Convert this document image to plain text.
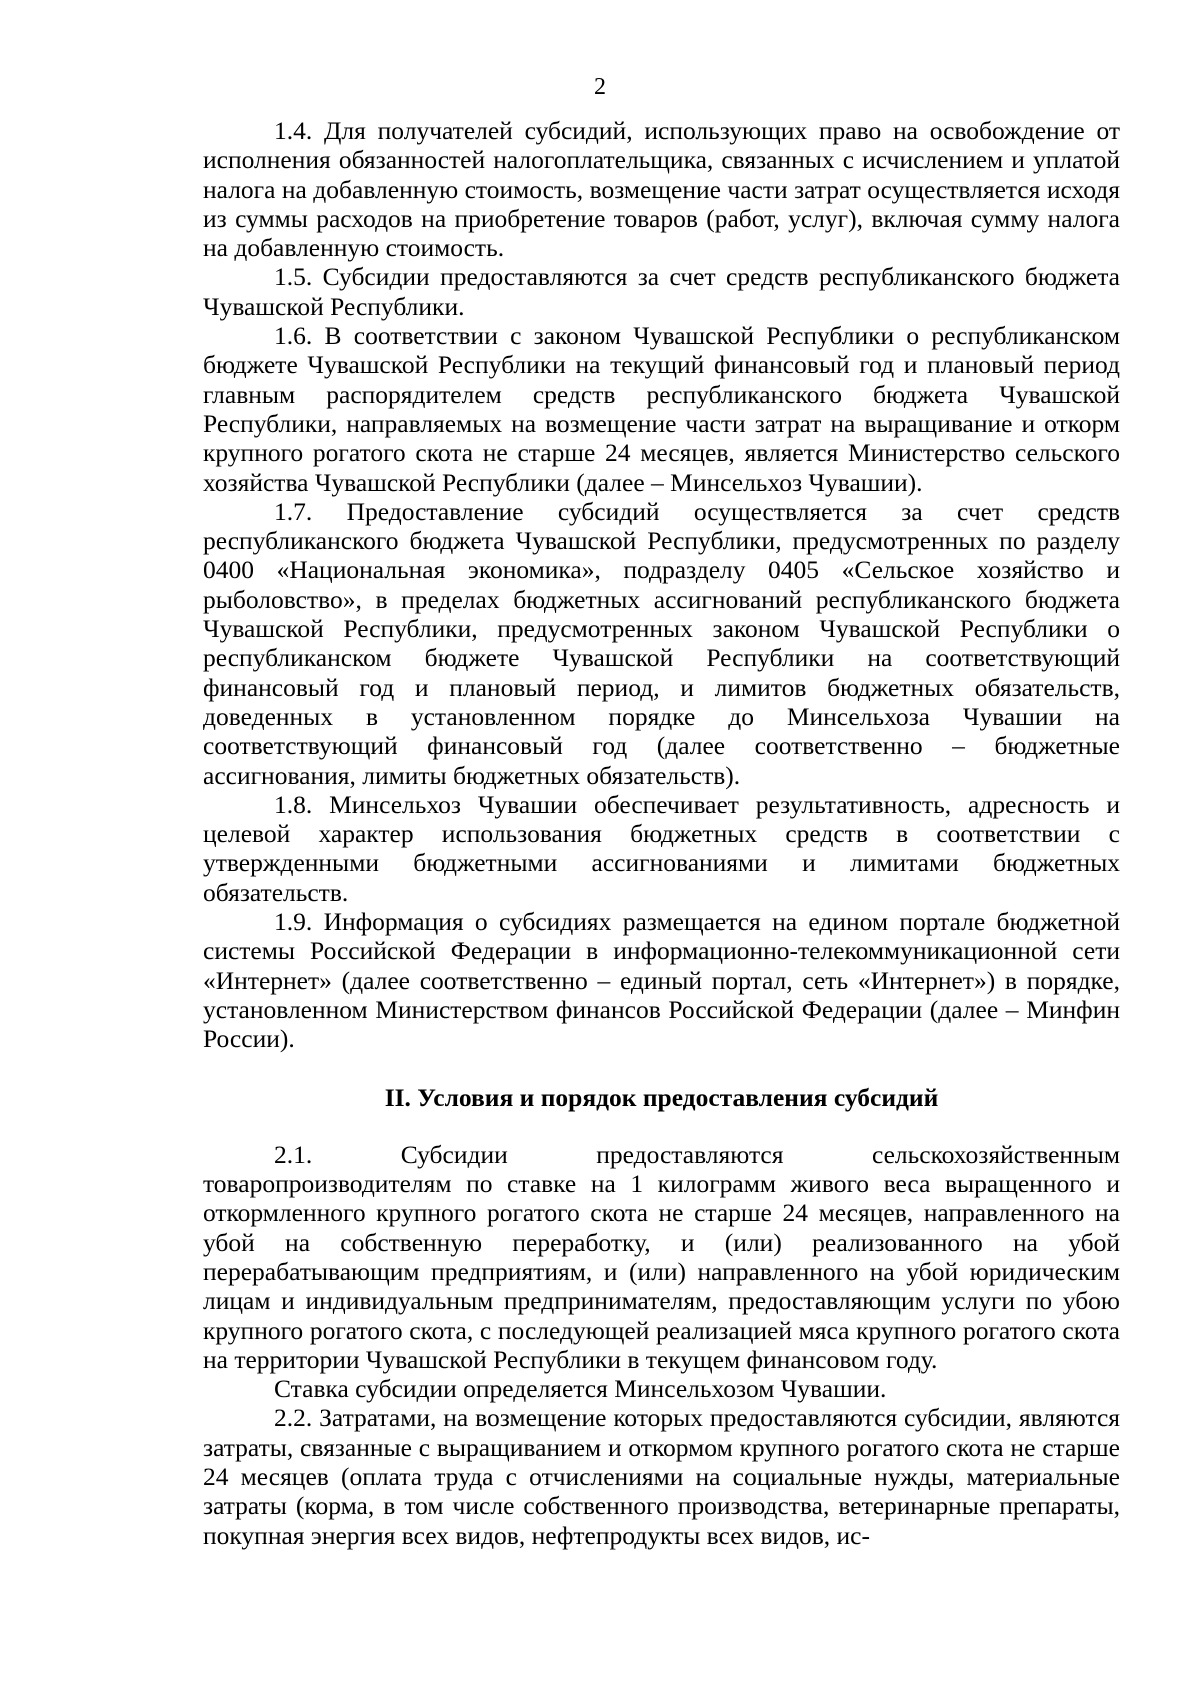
2

1.4. Для получателей субсидий, использующих право на освобождение от исполнения обязанностей налогоплательщика, связанных с исчислением и уплатой налога на добавленную стоимость, возмещение части затрат осуществляется исходя из суммы расходов на приобретение товаров (работ, услуг), включая сумму налога на добавленную стоимость.

1.5. Субсидии предоставляются за счет средств республиканского бюджета Чувашской Республики.

1.6. В соответствии с законом Чувашской Республики о республиканском бюджете Чувашской Республики на текущий финансовый год и плановый период главным распорядителем средств республиканского бюджета Чувашской Республики, направляемых на возмещение части затрат на выращивание и откорм крупного рогатого скота не старше 24 месяцев, является Министерство сельского хозяйства Чувашской Республики (далее – Минсельхоз Чувашии).

1.7. Предоставление субсидий осуществляется за счет средств республиканского бюджета Чувашской Республики, предусмотренных по разделу 0400 «Национальная экономика», подразделу 0405 «Сельское хозяйство и рыболовство», в пределах бюджетных ассигнований республиканского бюджета Чувашской Республики, предусмотренных законом Чувашской Республики о республиканском бюджете Чувашской Республики на соответствующий финансовый год и плановый период, и лимитов бюджетных обязательств, доведенных в установленном порядке до Минсельхоза Чувашии на соответствующий финансовый год (далее соответственно – бюджетные ассигнования, лимиты бюджетных обязательств).

1.8. Минсельхоз Чувашии обеспечивает результативность, адресность и целевой характер использования бюджетных средств в соответствии с утвержденными бюджетными ассигнованиями и лимитами бюджетных обязательств.

1.9. Информация о субсидиях размещается на едином портале бюджетной системы Российской Федерации в информационно-телекоммуникационной сети «Интернет» (далее соответственно – единый портал, сеть «Интернет») в порядке, установленном Министерством финансов Российской Федерации (далее – Минфин России).

II. Условия и порядок предоставления субсидий

2.1. Субсидии предоставляются сельскохозяйственным товаропроизводителям по ставке на 1 килограмм живого веса выращенного и откормленного крупного рогатого скота не старше 24 месяцев, направленного на убой на собственную переработку, и (или) реализованного на убой перерабатывающим предприятиям, и (или) направленного на убой юридическим лицам и индивидуальным предпринимателям, предоставляющим услуги по убою крупного рогатого скота, с последующей реализацией мяса крупного рогатого скота на территории Чувашской Республики в текущем финансовом году.

Ставка субсидии определяется Минсельхозом Чувашии.

2.2. Затратами, на возмещение которых предоставляются субсидии, являются затраты, связанные с выращиванием и откормом крупного рогатого скота не старше 24 месяцев (оплата труда с отчислениями на социальные нужды, материальные затраты (корма, в том числе собственного производства, ветеринарные препараты, покупная энергия всех видов, нефтепродукты всех видов, ис-
